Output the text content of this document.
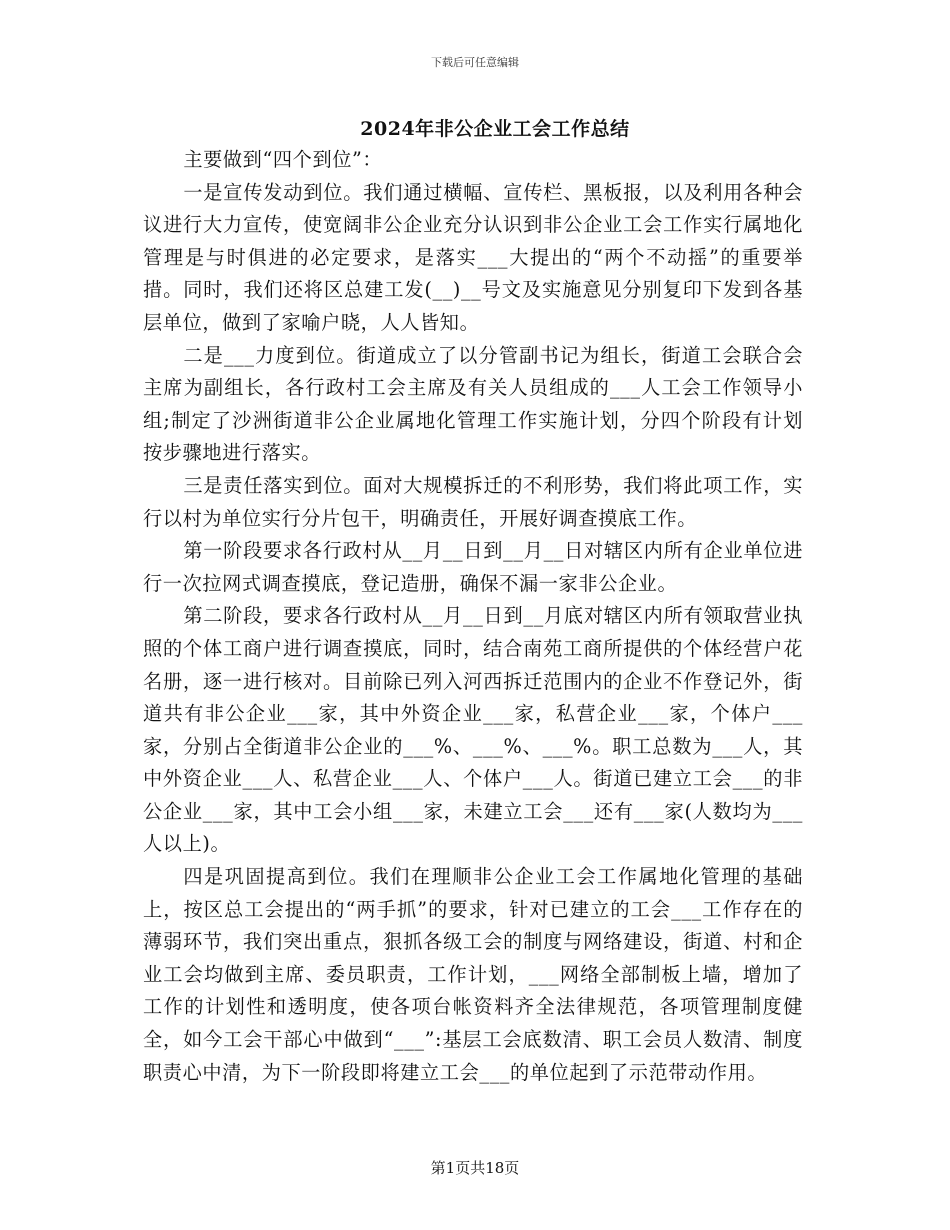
下载后可任意编辑
2024年非公企业工会工作总结

主要做到“四个到位”：

一是宣传发动到位。我们通过横幅、宣传栏、黑板报，以及利用各种会议进行大力宣传，使宽阔非公企业充分认识到非公企业工会工作实行属地化管理是与时俱进的必定要求，是落实___大提出的“两个不动摇”的重要举措。同时，我们还将区总建工发(__)__号文及实施意见分别复印下发到各基层单位，做到了家喻户晓，人人皆知。

二是___力度到位。街道成立了以分管副书记为组长，街道工会联合会主席为副组长，各行政村工会主席及有关人员组成的___人工会工作领导小组;制定了沙洲街道非公企业属地化管理工作实施计划，分四个阶段有计划按步骤地进行落实。

三是责任落实到位。面对大规模拆迁的不利形势，我们将此项工作，实行以村为单位实行分片包干，明确责任，开展好调查摸底工作。

第一阶段要求各行政村从__月__日到__月__日对辖区内所有企业单位进行一次拉网式调查摸底，登记造册，确保不漏一家非公企业。

第二阶段，要求各行政村从__月__日到__月底对辖区内所有领取营业执照的个体工商户进行调查摸底，同时，结合南苑工商所提供的个体经营户花名册，逐一进行核对。目前除已列入河西拆迁范围内的企业不作登记外，街道共有非公企业___家，其中外资企业___家，私营企业___家，个体户___家，分别占全街道非公企业的___%、___%、___%。职工总数为___人，其中外资企业___人、私营企业___人、个体户___人。街道已建立工会___的非公企业___家，其中工会小组___家，未建立工会___还有___家(人数均为___人以上)。

四是巩固提高到位。我们在理顺非公企业工会工作属地化管理的基础上，按区总工会提出的“两手抓”的要求，针对已建立的工会___工作存在的薄弱环节，我们突出重点，狠抓各级工会的制度与网络建设，街道、村和企业工会均做到主席、委员职责，工作计划，___网络全部制板上墙，增加了工作的计划性和透明度，使各项台帐资料齐全法律规范，各项管理制度健全，如今工会干部心中做到“___”:基层工会底数清、职工会员人数清、制度职责心中清，为下一阶段即将建立工会___的单位起到了示范带动作用。

第1页共18页
